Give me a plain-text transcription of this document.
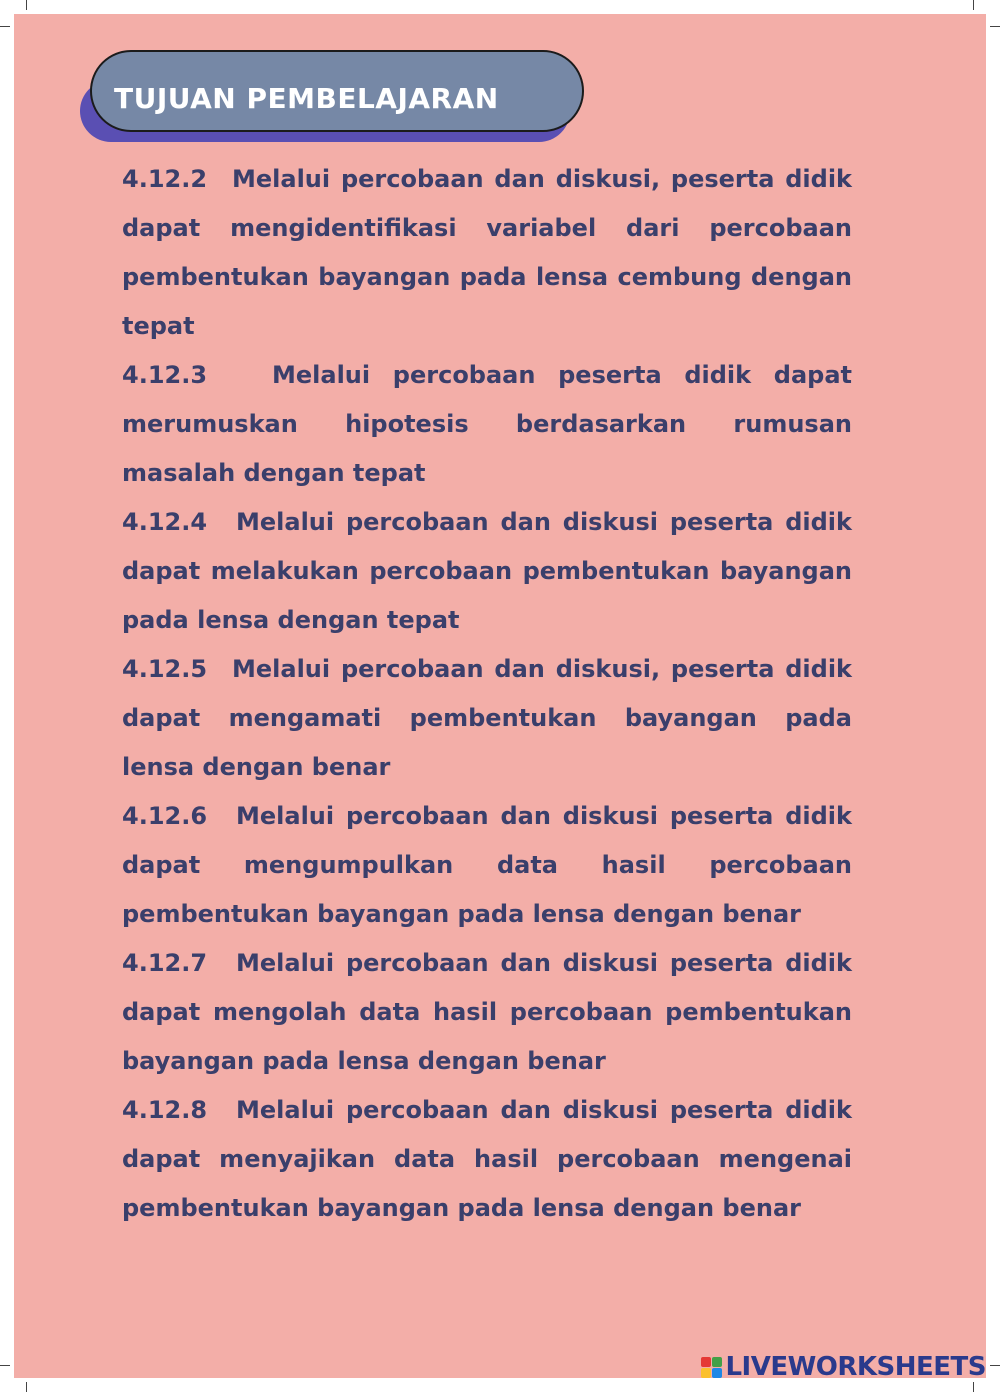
TUJUAN PEMBELAJARAN

4.12.2 Melalui percobaan dan diskusi, peserta didik dapat mengidentifikasi variabel dari percobaan pembentukan bayangan pada lensa cembung dengan tepat

4.12.3	Melalui percobaan peserta didik dapat merumuskan hipotesis berdasarkan rumusan masalah dengan tepat

4.12.4 Melalui percobaan dan diskusi peserta didik dapat melakukan percobaan pembentukan bayangan pada lensa dengan tepat

4.12.5 Melalui percobaan dan diskusi, peserta didik dapat mengamati pembentukan bayangan pada lensa dengan benar

4.12.6 Melalui percobaan dan diskusi peserta didik dapat mengumpulkan data hasil percobaan pembentukan bayangan pada lensa dengan benar

4.12.7 Melalui percobaan dan diskusi peserta didik dapat mengolah data hasil percobaan pembentukan bayangan pada lensa dengan benar

4.12.8 Melalui percobaan dan diskusi peserta didik dapat menyajikan data hasil percobaan mengenai pembentukan bayangan pada lensa dengan benar

LIVEWORKSHEETS
